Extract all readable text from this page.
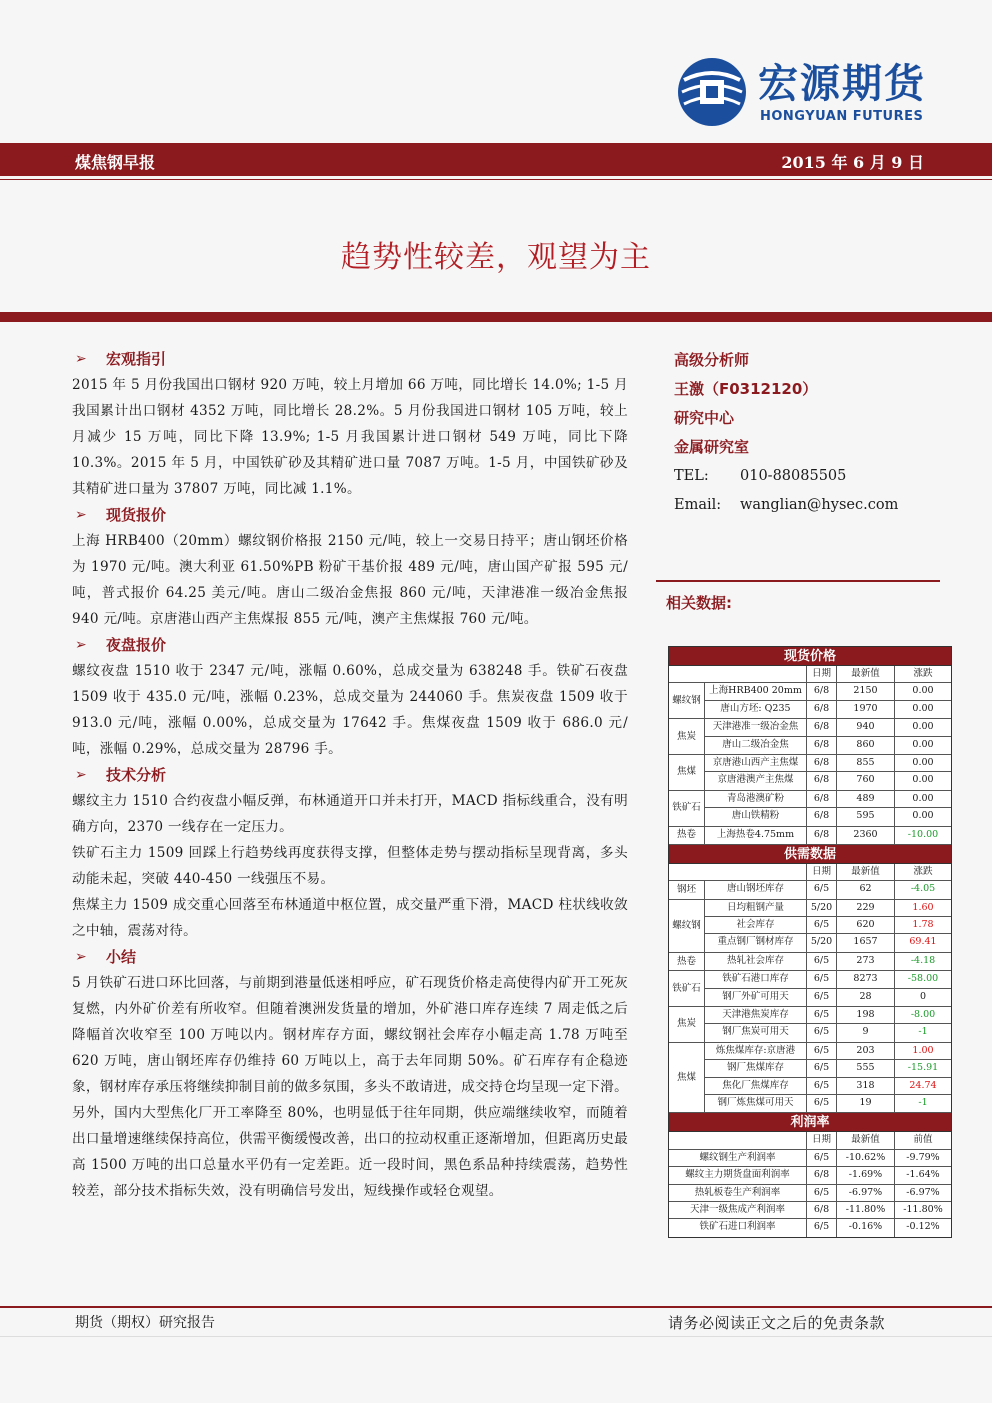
宏源期货
HONGYUAN FUTURES
煤焦钢早报	2015 年 6 月 9 日
趋势性较差，观望为主
➢ 宏观指引

2015 年 5 月份我国出口钢材 920 万吨，较上月增加 66 万吨，同比增长 14.0%; 1-5 月我国累计出口钢材 4352 万吨，同比增长 28.2%。5 月份我国进口钢材 105 万吨，较上月减少 15 万吨，同比下降 13.9%; 1-5 月我国累计进口钢材 549 万吨，同比下降 10.3%。2015 年 5 月，中国铁矿砂及其精矿进口量 7087 万吨。1-5 月，中国铁矿砂及其精矿进口量为 37807 万吨，同比减 1.1%。

➢ 现货报价

上海 HRB400（20mm）螺纹钢价格报 2150 元/吨，较上一交易日持平；唐山钢坯价格为 1970 元/吨。澳大利亚 61.50%PB 粉矿干基价报 489 元/吨，唐山国产矿报 595 元/吨，普式报价 64.25 美元/吨。唐山二级冶金焦报 860 元/吨，天津港准一级冶金焦报 940 元/吨。京唐港山西产主焦煤报 855 元/吨，澳产主焦煤报 760 元/吨。

➢ 夜盘报价

螺纹夜盘 1510 收于 2347 元/吨，涨幅 0.60%，总成交量为 638248 手。铁矿石夜盘 1509 收于 435.0 元/吨，涨幅 0.23%，总成交量为 244060 手。焦炭夜盘 1509 收于 913.0 元/吨，涨幅 0.00%，总成交量为 17642 手。焦煤夜盘 1509 收于 686.0 元/吨，涨幅 0.29%，总成交量为 28796 手。

➢ 技术分析

螺纹主力 1510 合约夜盘小幅反弹，布林通道开口并未打开，MACD 指标线重合，没有明确方向，2370 一线存在一定压力。

铁矿石主力 1509 回踩上行趋势线再度获得支撑，但整体走势与摆动指标呈现背离，多头动能未起，突破 440-450 一线强压不易。

焦煤主力 1509 成交重心回落至布林通道中枢位置，成交量严重下滑，MACD 柱状线收敛之中轴，震荡对待。

➢ 小结

5 月铁矿石进口环比回落，与前期到港量低迷相呼应，矿石现货价格走高使得内矿开工死灰复燃，内外矿价差有所收窄。但随着澳洲发货量的增加，外矿港口库存连续 7 周走低之后降幅首次收窄至 100 万吨以内。钢材库存方面，螺纹钢社会库存小幅走高 1.78 万吨至 620 万吨，唐山钢坯库存仍维持 60 万吨以上，高于去年同期 50%。矿石库存有企稳迹象，钢材库存承压将继续抑制目前的做多氛围，多头不敢请进，成交持仓均呈现一定下滑。另外，国内大型焦化厂开工率降至 80%，也明显低于往年同期，供应端继续收窄，而随着出口量增速继续保持高位，供需平衡缓慢改善，出口的拉动权重正逐渐增加，但距离历史最高 1500 万吨的出口总量水平仍有一定差距。近一段时间，黑色系品种持续震荡，趋势性较差，部分技术指标失效，没有明确信号发出，短线操作或轻仓观望。

高级分析师
王激（F0312120）
研究中心
金属研究室
TEL: 010-88085505
Email: wanglian@hysec.com
相关数据:
现货价格
日期	最新值	涨跌
螺纹钢
上海HRB400 20mm	6/8	2150	0.00
唐山方坯: Q235	6/8	1970	0.00
焦炭
天津港准一级冶金焦	6/8	940	0.00
唐山二级冶金焦	6/8	860	0.00
焦煤
京唐港山西产主焦煤	6/8	855	0.00
京唐港澳产主焦煤	6/8	760	0.00
铁矿石
青岛港澳矿粉	6/8	489	0.00
唐山铁精粉	6/8	595	0.00
热卷	上海热卷4.75mm	6/8	2360	-10.00
供需数据
日期	最新值	涨跌
钢坯	唐山钢坯库存	6/5	62	-4.05
螺纹钢
日均粗钢产量	5/20	229	1.60
社会库存	6/5	620	1.78
重点钢厂钢材库存	5/20	1657	69.41
热卷	热轧社会库存	6/5	273	-4.18
铁矿石
铁矿石港口库存	6/5	8273	-58.00
钢厂外矿可用天	6/5	28	0
焦炭
天津港焦炭库存	6/5	198	-8.00
钢厂焦炭可用天	6/5	9	-1
焦煤
炼焦煤库存:京唐港	6/5	203	1.00
钢厂焦煤库存	6/5	555	-15.91
焦化厂焦煤库存	6/5	318	24.74
钢厂炼焦煤可用天	6/5	19	-1
利润率
日期	最新值	前值
螺纹钢生产利润率	6/5	-10.62%	-9.79%
螺纹主力期货盘面利润率	6/8	-1.69%	-1.64%
热轧板卷生产利润率	6/5	-6.97%	-6.97%
天津一级焦成产利润率	6/8	-11.80%	-11.80%
铁矿石进口利润率	6/5	-0.16%	-0.12%
期货（期权）研究报告	请务必阅读正文之后的免责条款
